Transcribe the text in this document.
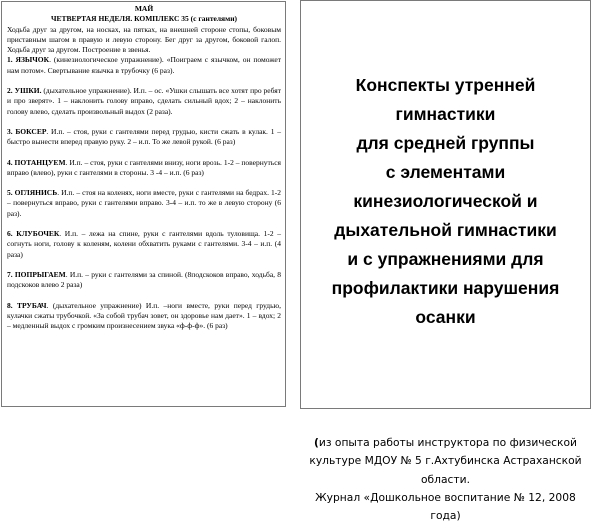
МАЙ
ЧЕТВЕРТАЯ НЕДЕЛЯ. КОМПЛЕКС 35 (с гантелями)

Ходьба друг за другом, на носках, на пятках, на внешней стороне стопы, боковым приставным шагом в правую и левую сторону. Бег друг за другом, боковой галоп. Ходьба друг за другом. Построение в звенья.

1. ЯЗЫЧОК. (кинезиологическое упражнение). «Поиграем с язычком, он поможет нам потом». Свертывание язычка в трубочку (6 раз).

2. УШКИ. (дыхательное упражнение). И.п. – ос. «Ушки слышать все хотят про ребят и про зверят». 1 – наклонить голову вправо, сделать сильный вдох; 2 – наклонить голову влево, сделать произвольный выдох (2 раза).

3. БОКСЕР. И.п. – стоя, руки с гантелями перед грудью, кисти сжать в кулак. 1 – быстро вынести вперед правую руку. 2 – и.п. То же левой рукой. (6 раз)

4. ПОТАНЦУЕМ. И.п. – стоя, руки с гантелями внизу, ноги врозь. 1-2 – повернуться вправо (влево), руки с гантелями в стороны. 3 -4 – и.п. (6 раз)

5. ОГЛЯНИСЬ. И.п. – стоя на коленях, ноги вместе, руки с гантелями на бедрах. 1-2 – повернуться вправо, руки с гантелями вправо. 3-4 – и.п. то же в левую сторону (6 раз).

6. КЛУБОЧЕК. И.п. – лежа на спине, руки с гантелями вдоль туловища. 1-2 – согнуть ноги, голову к коленям, колени обхватить руками с гантелями. 3-4 – и.п. (4 раза)

7. ПОПРЫГАЕМ. И.п. – руки с гантелями за спиной. (8подскоков вправо, ходьба, 8 подскоков влево 2 раза)

8. ТРУБАЧ. (дыхательное упражнение) И.п. –ноги вместе, руки перед грудью, кулачки сжаты трубочкой. «За собой трубач зовет, он здоровье нам дает». 1 – вдох; 2 – медленный выдох с громким произнесением звука «ф-ф-ф». (6 раз)

Конспекты утренней
гимнастики
для средней группы
с элементами
кинезиологической и
дыхательной гимнастики
и с упражнениями для
профилактики нарушения
осанки

(из опыта работы инструктора по физической культуре МДОУ № 5 г.Ахтубинска Астраханской области.
Журнал «Дошкольное воспитание № 12, 2008 года)
